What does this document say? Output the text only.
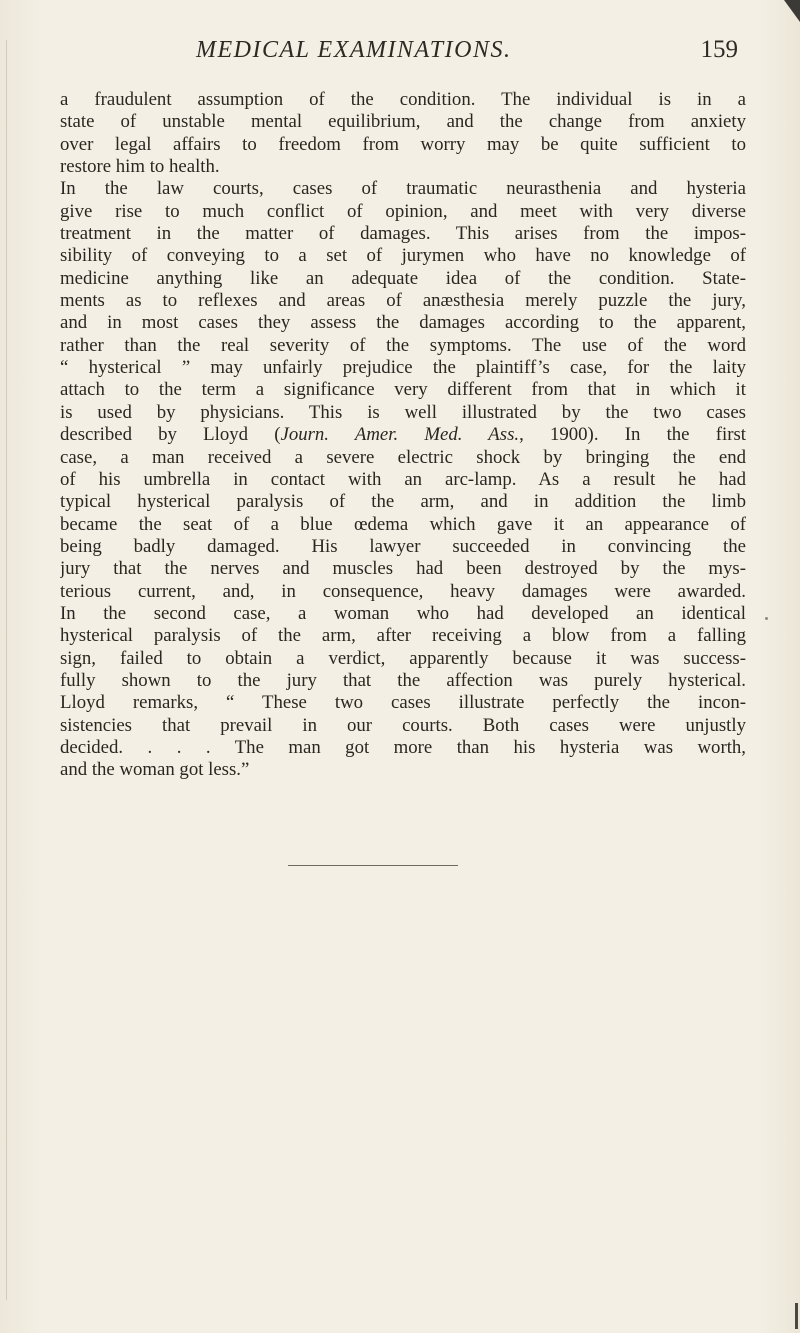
MEDICAL EXAMINATIONS.	159
a fraudulent assumption of the condition. The individual is in a
state of unstable mental equilibrium, and the change from anxiety
over legal affairs to freedom from worry may be quite sufficient to
restore him to health.
In the law courts, cases of traumatic neurasthenia and hysteria
give rise to much conflict of opinion, and meet with very diverse
treatment in the matter of damages. This arises from the impos-
sibility of conveying to a set of jurymen who have no knowledge of
medicine anything like an adequate idea of the condition. State-
ments as to reflexes and areas of anæsthesia merely puzzle the jury,
and in most cases they assess the damages according to the apparent,
rather than the real severity of the symptoms. The use of the word
“ hysterical ” may unfairly prejudice the plaintiff’s case, for the laity
attach to the term a significance very different from that in which it
is used by physicians. This is well illustrated by the two cases
described by Lloyd (Journ. Amer. Med. Ass., 1900). In the first
case, a man received a severe electric shock by bringing the end
of his umbrella in contact with an arc-lamp. As a result he had
typical hysterical paralysis of the arm, and in addition the limb
became the seat of a blue œdema which gave it an appearance of
being badly damaged. His lawyer succeeded in convincing the
jury that the nerves and muscles had been destroyed by the mys-
terious current, and, in consequence, heavy damages were awarded.
In the second case, a woman who had developed an identical
hysterical paralysis of the arm, after receiving a blow from a falling
sign, failed to obtain a verdict, apparently because it was success-
fully shown to the jury that the affection was purely hysterical.
Lloyd remarks, “ These two cases illustrate perfectly the incon-
sistencies that prevail in our courts. Both cases were unjustly
decided. . . . The man got more than his hysteria was worth,
and the woman got less.”
